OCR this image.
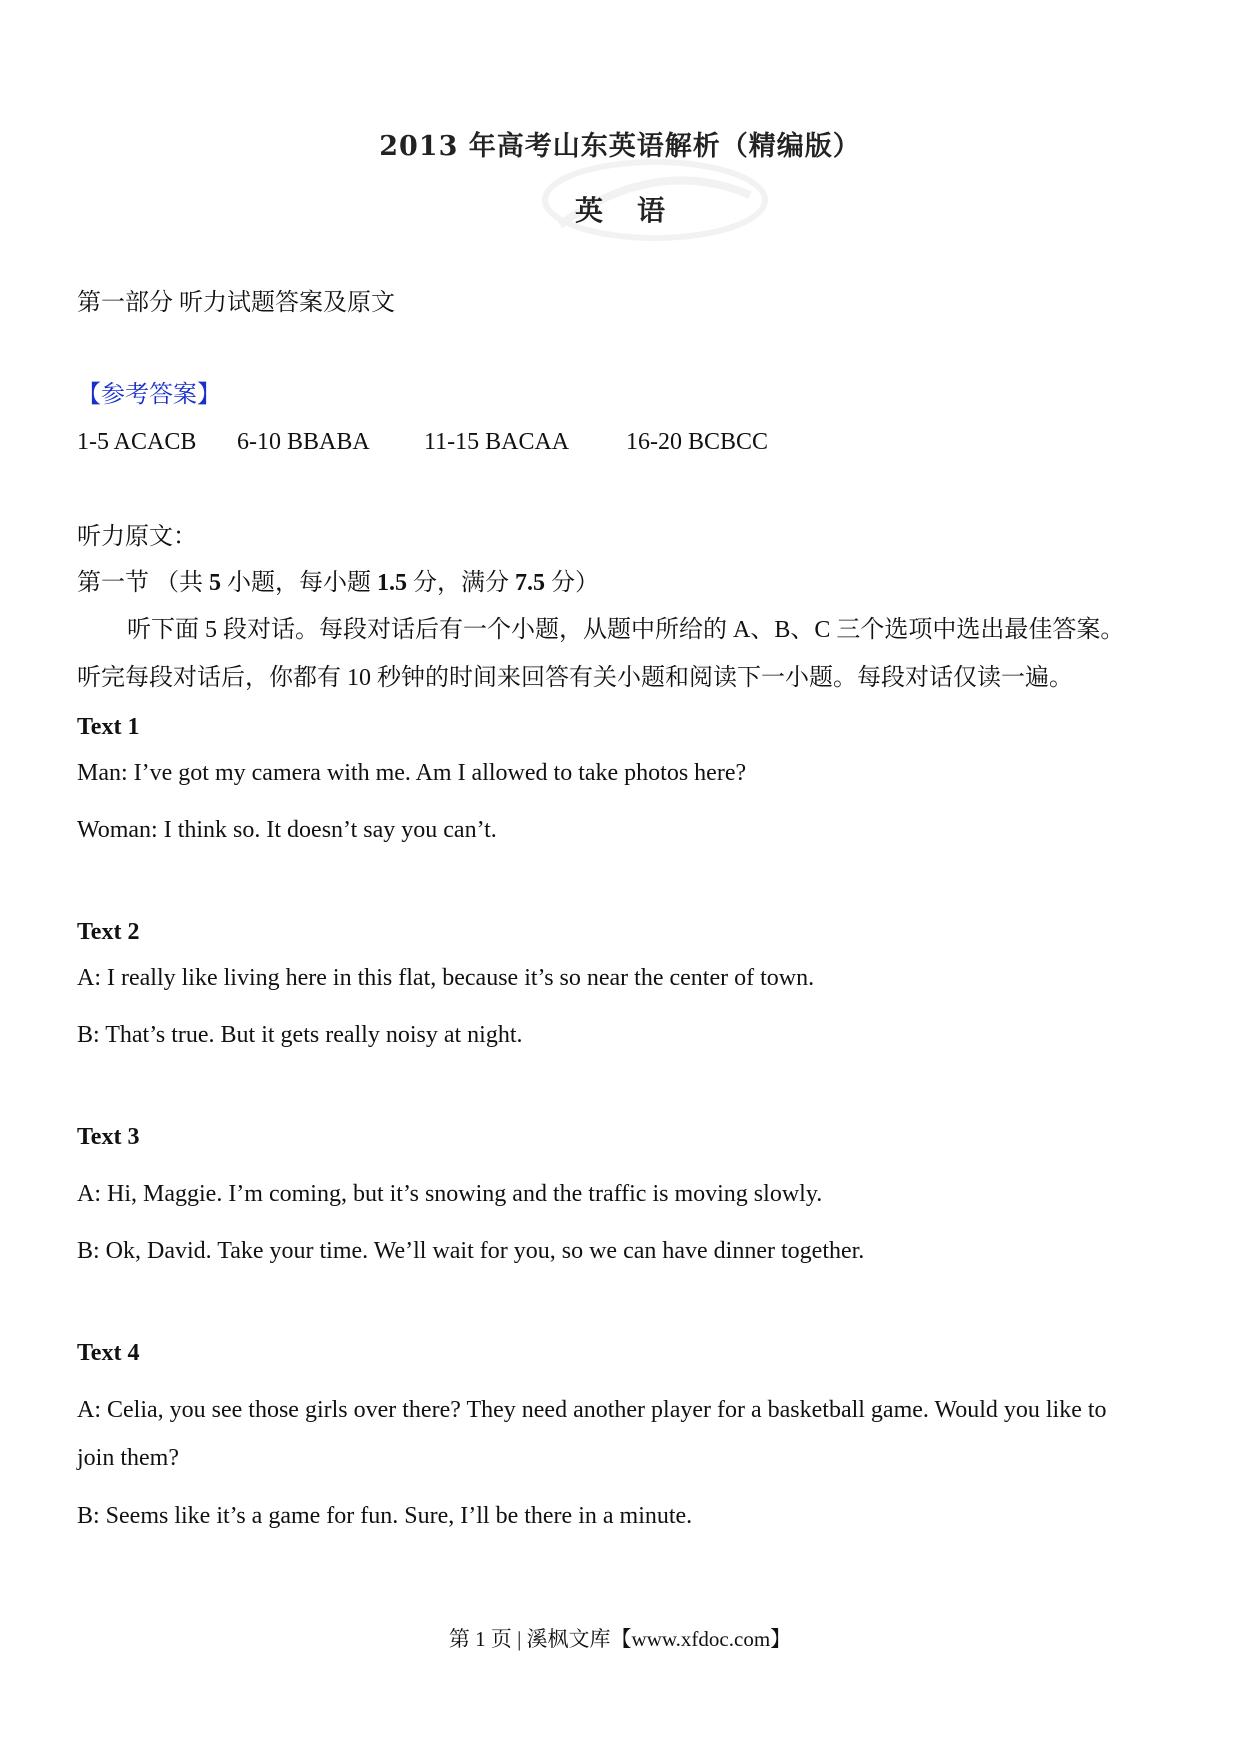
2013 年高考山东英语解析（精编版）
英 语
第一部分 听力试题答案及原文
【参考答案】
1-5 ACACB 6-10 BBABA 11-15 BACAA 16-20 BCBCC
听力原文：
第一节 （共 5 小题，每小题 1.5 分，满分 7.5 分）
听下面 5 段对话。每段对话后有一个小题，从题中所给的 A、B、C 三个选项中选出最佳答案。
听完每段对话后，你都有 10 秒钟的时间来回答有关小题和阅读下一小题。每段对话仅读一遍。
Text 1
Man: I’ve got my camera with me. Am I allowed to take photos here?
Woman: I think so. It doesn’t say you can’t.
Text 2
A: I really like living here in this flat, because it’s so near the center of town.
B: That’s true. But it gets really noisy at night.
Text 3
A: Hi, Maggie. I’m coming, but it’s snowing and the traffic is moving slowly.
B: Ok, David. Take your time. We’ll wait for you, so we can have dinner together.
Text 4
A: Celia, you see those girls over there? They need another player for a basketball game. Would you like to
join them?
B: Seems like it’s a game for fun. Sure, I’ll be there in a minute.
第 1 页 | 溪枫文库【www.xfdoc.com】
